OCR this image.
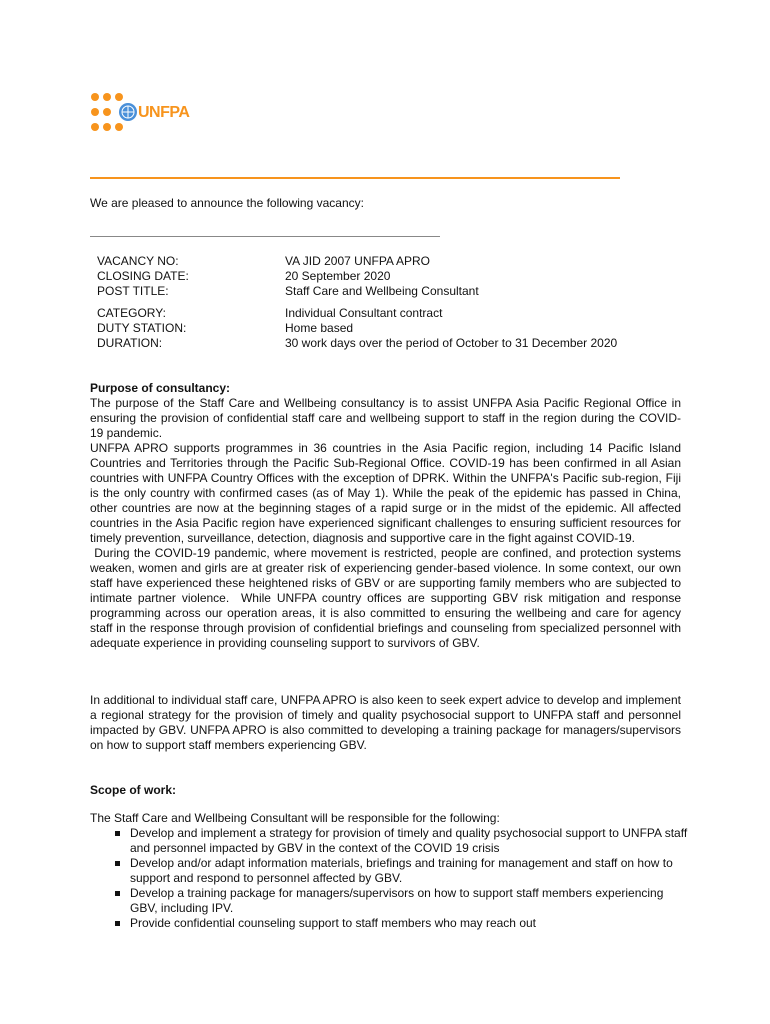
UNFPA
We are pleased to announce the following vacancy:
VACANCY NO:
CLOSING DATE:
POST TITLE:
CATEGORY:
DUTY STATION:
DURATION:
VA JID 2007 UNFPA APRO
20 September 2020
Staff Care and Wellbeing Consultant
Individual Consultant contract
Home based
30 work days over the period of October to 31 December 2020
Purpose of consultancy:

The purpose of the Staff Care and Wellbeing consultancy is to assist UNFPA Asia Pacific Regional Office in ensuring the provision of confidential staff care and wellbeing support to staff in the region during the COVID-19 pandemic.

UNFPA APRO supports programmes in 36 countries in the Asia Pacific region, including 14 Pacific Island Countries and Territories through the Pacific Sub-Regional Office. COVID-19 has been confirmed in all Asian countries with UNFPA Country Offices with the exception of DPRK. Within the UNFPA's Pacific sub-region, Fiji is the only country with confirmed cases (as of May 1). While the peak of the epidemic has passed in China, other countries are now at the beginning stages of a rapid surge or in the midst of the epidemic. All affected countries in the Asia Pacific region have experienced significant challenges to ensuring sufficient resources for timely prevention, surveillance, detection, diagnosis and supportive care in the fight against COVID-19.

During the COVID-19 pandemic, where movement is restricted, people are confined, and protection systems weaken, women and girls are at greater risk of experiencing gender-based violence. In some context, our own staff have experienced these heightened risks of GBV or are supporting family members who are subjected to intimate partner violence.  While UNFPA country offices are supporting GBV risk mitigation and response programming across our operation areas, it is also committed to ensuring the wellbeing and care for agency staff in the response through provision of confidential briefings and counseling from specialized personnel with adequate experience in providing counseling support to survivors of GBV.

In additional to individual staff care, UNFPA APRO is also keen to seek expert advice to develop and implement a regional strategy for the provision of timely and quality psychosocial support to UNFPA staff and personnel impacted by GBV. UNFPA APRO is also committed to developing a training package for managers/supervisors on how to support staff members experiencing GBV.
Scope of work:
The Staff Care and Wellbeing Consultant will be responsible for the following:
Develop and implement a strategy for provision of timely and quality psychosocial support to UNFPA staff and personnel impacted by GBV in the context of the COVID 19 crisis
Develop and/or adapt information materials, briefings and training for management and staff on how to support and respond to personnel affected by GBV.
Develop a training package for managers/supervisors on how to support staff members experiencing GBV, including IPV.
Provide confidential counseling support to staff members who may reach out
